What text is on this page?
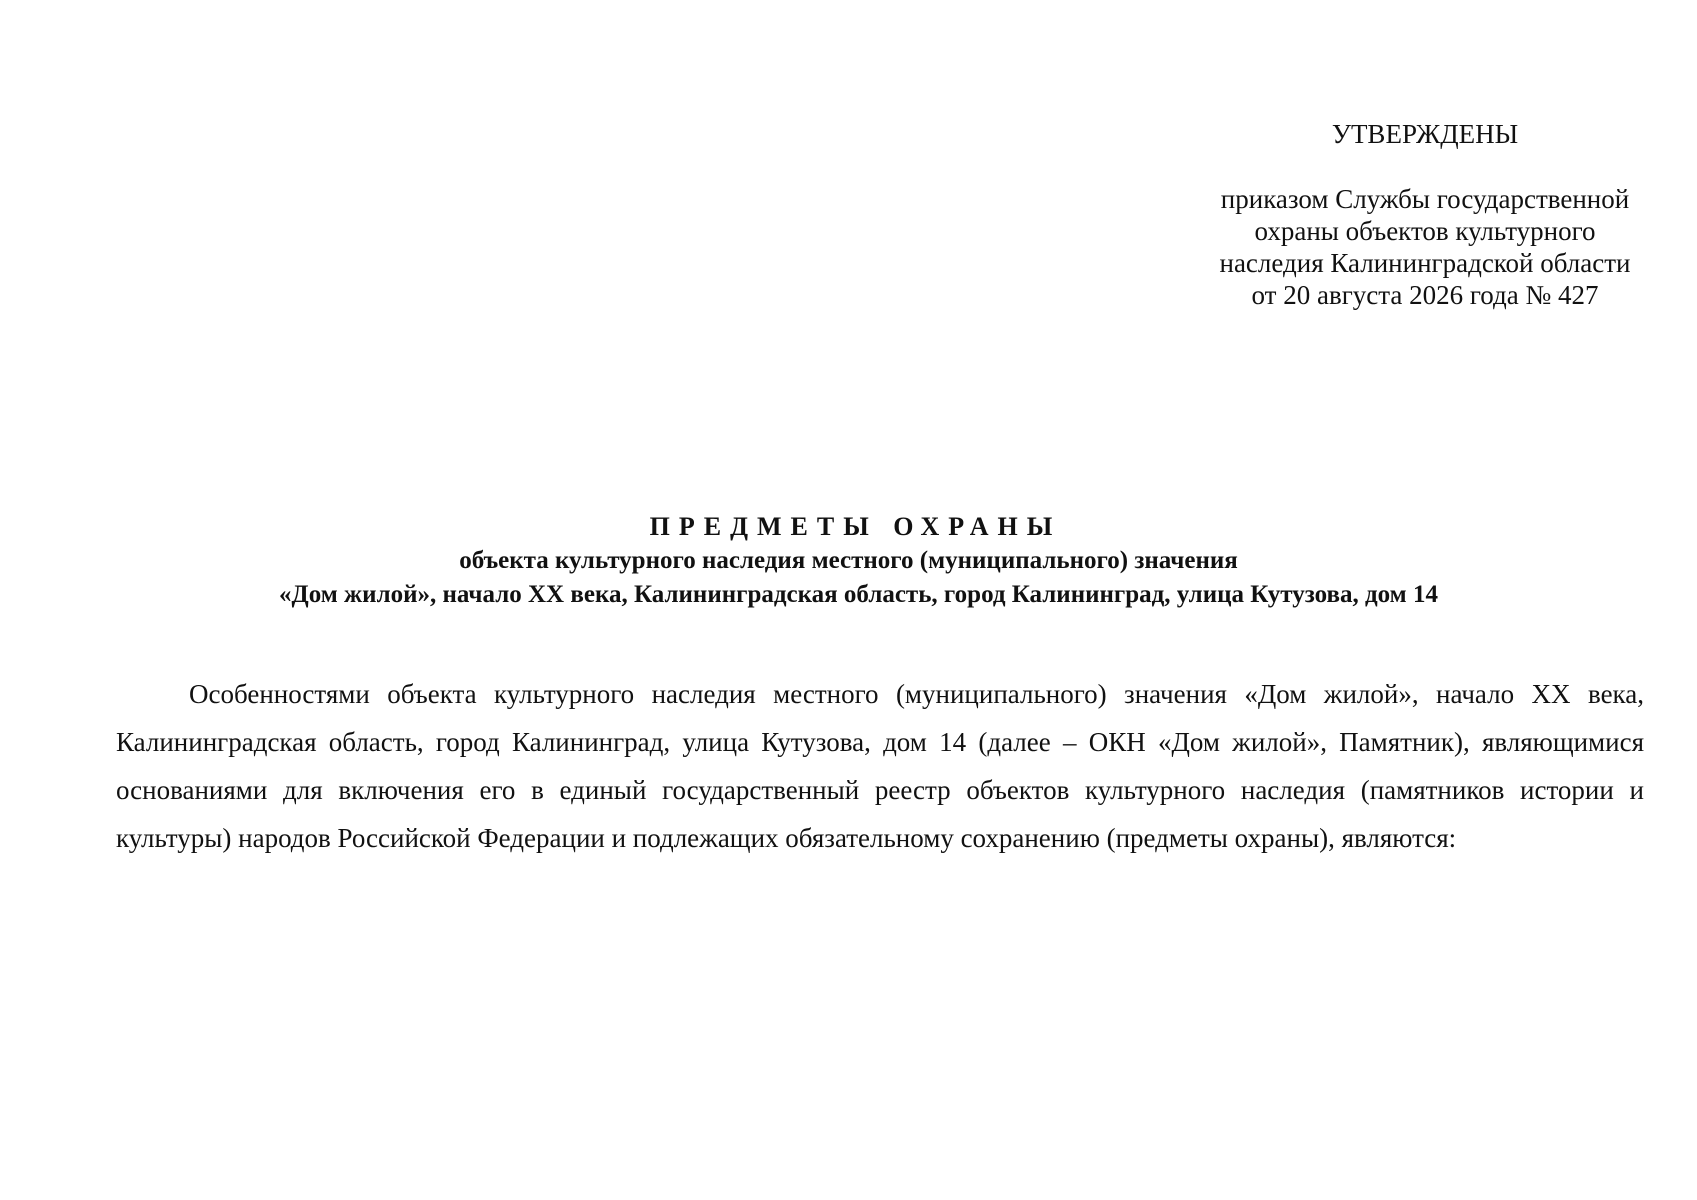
УТВЕРЖДЕНЫ
приказом Службы государственной
охраны объектов культурного
наследия Калининградской области
от 20 августа 2026 года № 427
ПРЕДМЕТЫ ОХРАНЫ
объекта культурного наследия местного (муниципального) значения
«Дом жилой», начало XX века, Калининградская область, город Калининград, улица Кутузова, дом 14

Особенностями объекта культурного наследия местного (муниципального) значения «Дом жилой», начало XX века, Калининградская область, город Калининград, улица Кутузова, дом 14 (далее – ОКН «Дом жилой», Памятник), являющимися основаниями для включения его в единый государственный реестр объектов культурного наследия (памятников истории и культуры) народов Российской Федерации и подлежащих обязательному сохранению (предметы охраны), являются:
